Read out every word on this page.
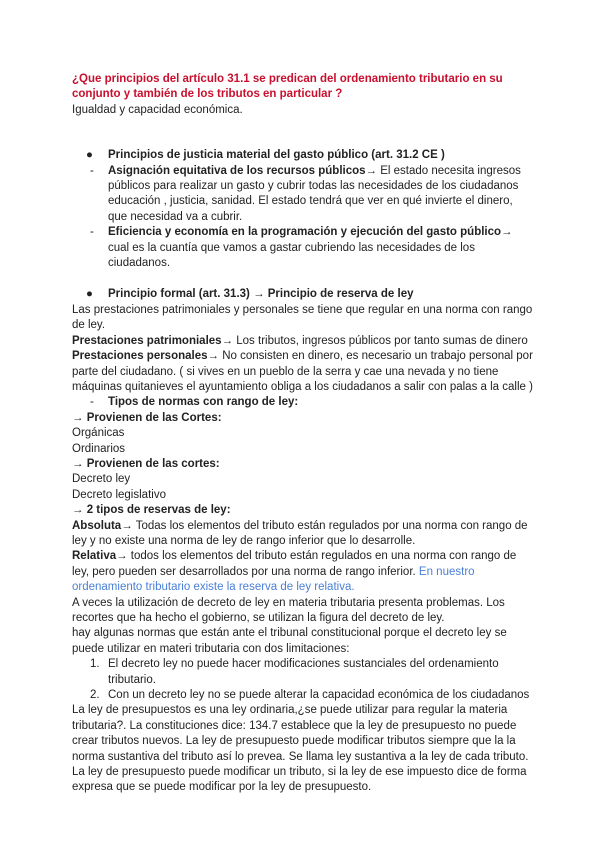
¿Que principios del artículo 31.1 se predican del ordenamiento tributario en su conjunto y también de los tributos en particular ?

Igualdad y capacidad económica.

● Principios de justicia material del gasto público (art. 31.2 CE )
- Asignación equitativa de los recursos públicos→ El estado necesita ingresos públicos para realizar un gasto y cubrir todas las necesidades de los ciudadanos educación , justicia, sanidad. El estado tendrá que ver en qué invierte el dinero, que necesidad va a cubrir.
- Eficiencia y economía en la programación y ejecución del gasto público→ cual es la cuantía que vamos a gastar cubriendo las necesidades de los ciudadanos.
● Principio formal (art. 31.3) → Principio de reserva de ley

Las prestaciones patrimoniales y personales se tiene que regular en una norma con rango de ley.

Prestaciones patrimoniales→ Los tributos, ingresos públicos por tanto sumas de dinero

Prestaciones personales→ No consisten en dinero, es necesario un trabajo personal por parte del ciudadano. ( si vives en un pueblo de la serra y cae una nevada y no tiene máquinas quitanieves el ayuntamiento obliga a los ciudadanos a salir con palas a la calle )

- Tipos de normas con rango de ley:

→ Provienen de las Cortes:

Orgánicas

Ordinarios

→ Provienen de las cortes:

Decreto ley

Decreto legislativo

→ 2 tipos de reservas de ley:

Absoluta→ Todas los elementos del tributo están regulados por una norma con rango de ley y no existe una norma de ley de rango inferior que lo desarrolle.

Relativa→ todos los elementos del tributo están regulados en una norma con rango de ley, pero pueden ser desarrollados por una norma de rango inferior. En nuestro ordenamiento tributario existe la reserva de ley relativa.

A veces la utilización de decreto de ley en materia tributaria presenta problemas. Los recortes que ha hecho el gobierno, se utilizan la figura del decreto de ley.

hay algunas normas que están ante el tribunal constitucional porque el decreto ley se puede utilizar en materi tributaria con dos limitaciones:

1. El decreto ley no puede hacer modificaciones sustanciales del ordenamiento tributario.
2. Con un decreto ley no se puede alterar la capacidad económica de los ciudadanos

La ley de presupuestos es una ley ordinaria,¿se puede utilizar para regular la materia tributaria?. La constituciones dice: 134.7 establece que la ley de presupuesto no puede crear tributos nuevos. La ley de presupuesto puede modificar tributos siempre que la la norma sustantiva del tributo así lo prevea. Se llama ley sustantiva a la ley de cada tributo.

La ley de presupuesto puede modificar un tributo, si la ley de ese impuesto dice de forma expresa que se puede modificar por la ley de presupuesto.
